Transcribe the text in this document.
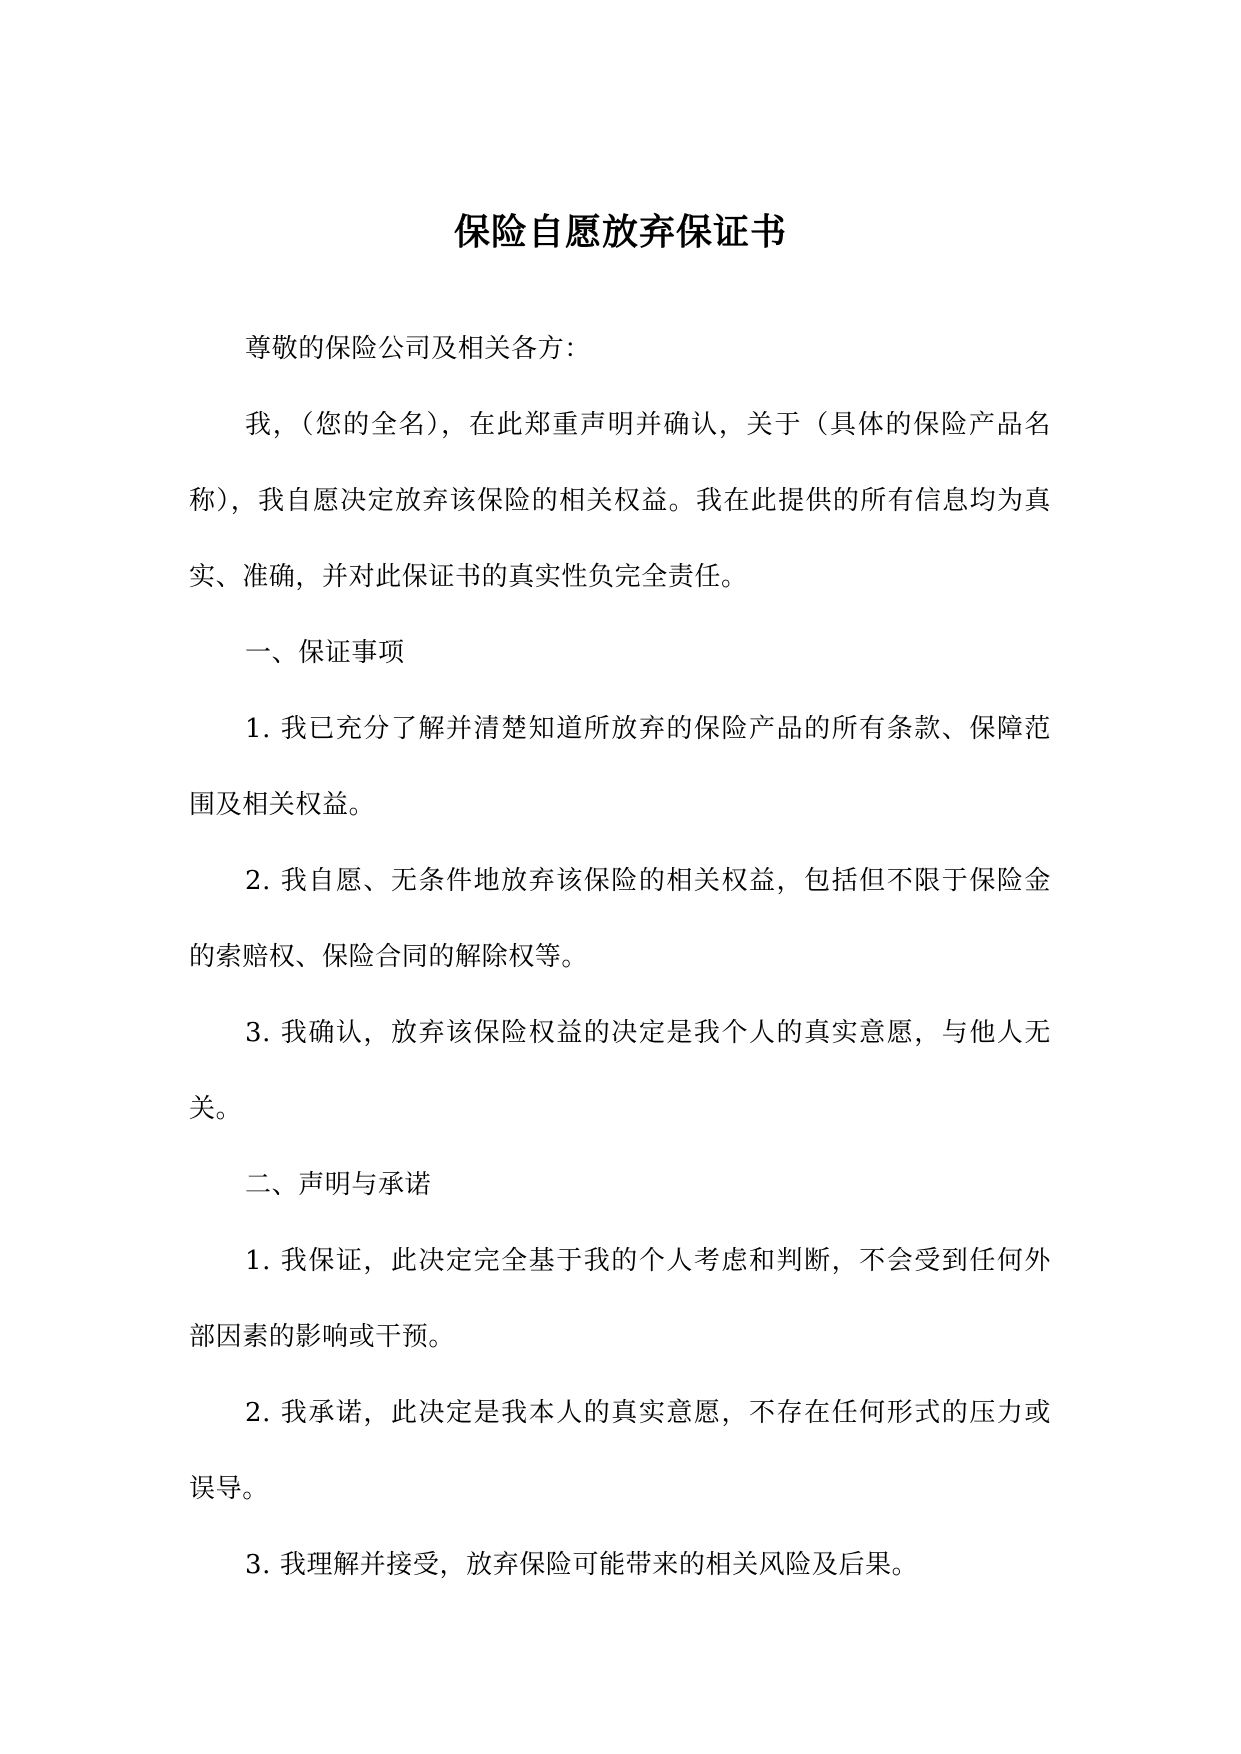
保险自愿放弃保证书

尊敬的保险公司及相关各方：

我，（您的全名），在此郑重声明并确认，关于（具体的保险产品名称），我自愿决定放弃该保险的相关权益。我在此提供的所有信息均为真实、准确，并对此保证书的真实性负完全责任。

一、保证事项

1. 我已充分了解并清楚知道所放弃的保险产品的所有条款、保障范围及相关权益。

2. 我自愿、无条件地放弃该保险的相关权益，包括但不限于保险金的索赔权、保险合同的解除权等。

3. 我确认，放弃该保险权益的决定是我个人的真实意愿，与他人无关。

二、声明与承诺

1. 我保证，此决定完全基于我的个人考虑和判断，不会受到任何外部因素的影响或干预。

2. 我承诺，此决定是我本人的真实意愿，不存在任何形式的压力或误导。

3. 我理解并接受，放弃保险可能带来的相关风险及后果。
